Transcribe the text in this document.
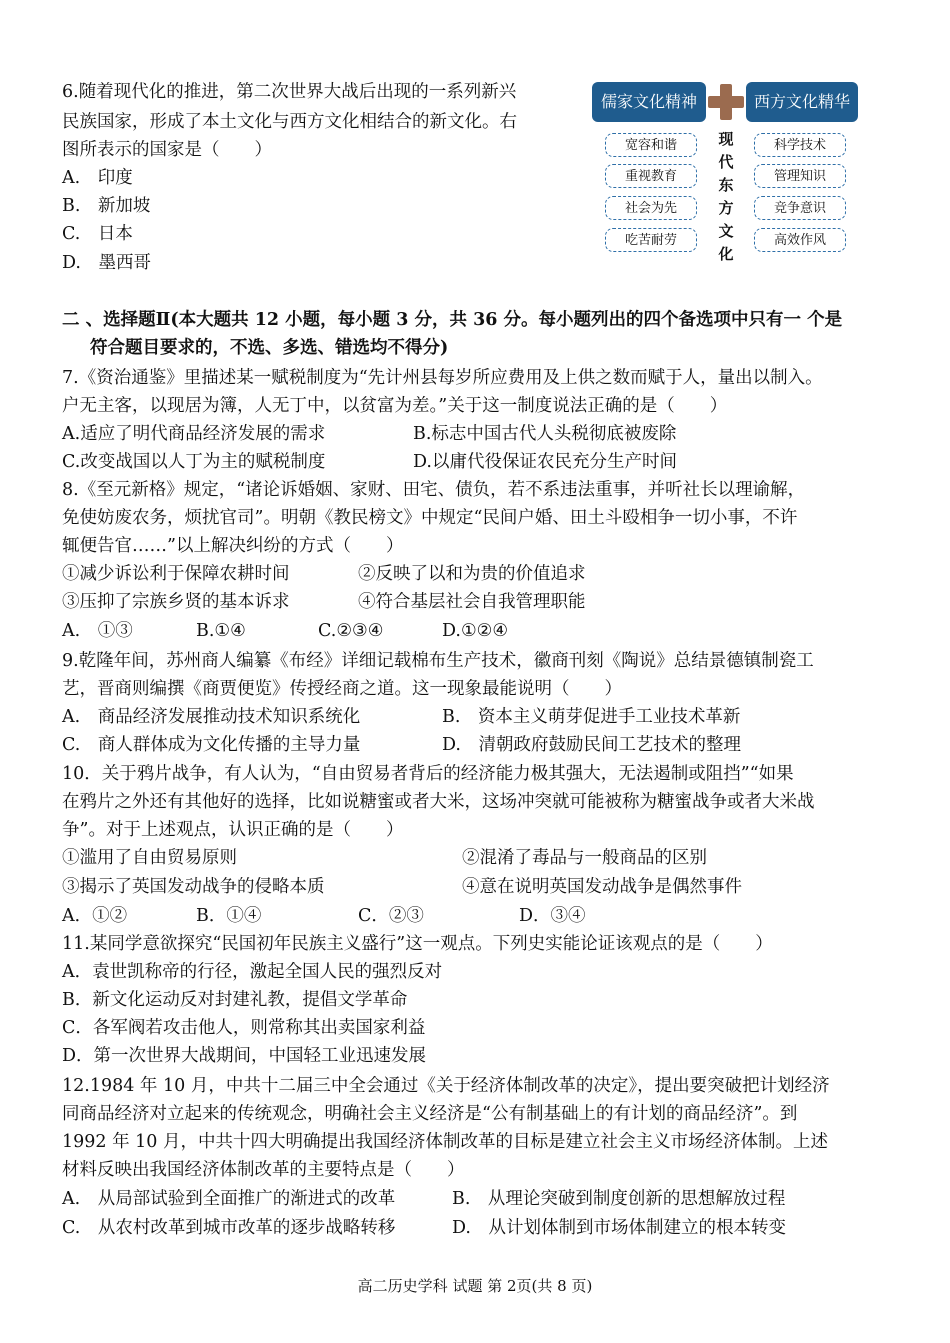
6.随着现代化的推进，第二次世界大战后出现的一系列新兴
民族国家，形成了本土文化与西方文化相结合的新文化。右
图所表示的国家是（　　）
A.　印度
B.　新加坡
C.　日本
D.　墨西哥
儒家文化精神	西方文化精华
宽容和谐
重视教育
社会为先
吃苦耐劳
现
代
东
方
文
化
科学技术
管理知识
竞争意识
高效作风
二 、选择题Ⅱ(本大题共 12 小题，每小题 3 分，共 36 分。每小题列出的四个备选项中只有一 个是
符合题目要求的，不选、多选、错选均不得分)
7.《资治通鉴》里描述某一赋税制度为“先计州县每岁所应费用及上供之数而赋于人，量出以制入。
户无主客，以现居为簿，人无丁中，以贫富为差。”关于这一制度说法正确的是（　　）
A.适应了明代商品经济发展的需求	B.标志中国古代人头税彻底被废除
C.改变战国以人丁为主的赋税制度	D.以庸代役保证农民充分生产时间
8.《至元新格》规定，“诸论诉婚姻、家财、田宅、债负，若不系违法重事，并听社长以理谕解，
免使妨废农务，烦扰官司”。明朝《教民榜文》中规定“民间户婚、田土斗殴相争一切小事，不许
辄便告官……”以上解决纠纷的方式（　　）
①减少诉讼利于保障农耕时间	②反映了以和为贵的价值追求
③压抑了宗族乡贤的基本诉求	④符合基层社会自我管理职能
A.　①③	B.①④	C.②③④	D.①②④
9.乾隆年间，苏州商人编纂《布经》详细记载棉布生产技术，徽商刊刻《陶说》总结景德镇制瓷工
艺，晋商则编撰《商贾便览》传授经商之道。这一现象最能说明（　　）
A.　商品经济发展推动技术知识系统化	B.　资本主义萌芽促进手工业技术革新
C.　商人群体成为文化传播的主导力量	D.　清朝政府鼓励民间工艺技术的整理
10．关于鸦片战争，有人认为，“自由贸易者背后的经济能力极其强大，无法遏制或阻挡”“如果
在鸦片之外还有其他好的选择，比如说糖蜜或者大米，这场冲突就可能被称为糖蜜战争或者大米战
争”。对于上述观点，认识正确的是（　　）
①滥用了自由贸易原则	②混淆了毒品与一般商品的区别
③揭示了英国发动战争的侵略本质	④意在说明英国发动战争是偶然事件
A．①②	B．①④	C．②③	D．③④
11.某同学意欲探究“民国初年民族主义盛行”这一观点。下列史实能论证该观点的是（　　）
A．袁世凯称帝的行径，激起全国人民的强烈反对
B．新文化运动反对封建礼教，提倡文学革命
C．各军阀若攻击他人，则常称其出卖国家利益
D．第一次世界大战期间，中国轻工业迅速发展
12.1984 年 10 月，中共十二届三中全会通过《关于经济体制改革的决定》，提出要突破把计划经济
同商品经济对立起来的传统观念，明确社会主义经济是“公有制基础上的有计划的商品经济”。到
1992 年 10 月，中共十四大明确提出我国经济体制改革的目标是建立社会主义市场经济体制。上述
材料反映出我国经济体制改革的主要特点是（　　）
A.　从局部试验到全面推广的渐进式的改革	B.　从理论突破到制度创新的思想解放过程
C.　从农村改革到城市改革的逐步战略转移	D.　从计划体制到市场体制建立的根本转变
高二历史学科 试题 第 2页(共 8 页)
